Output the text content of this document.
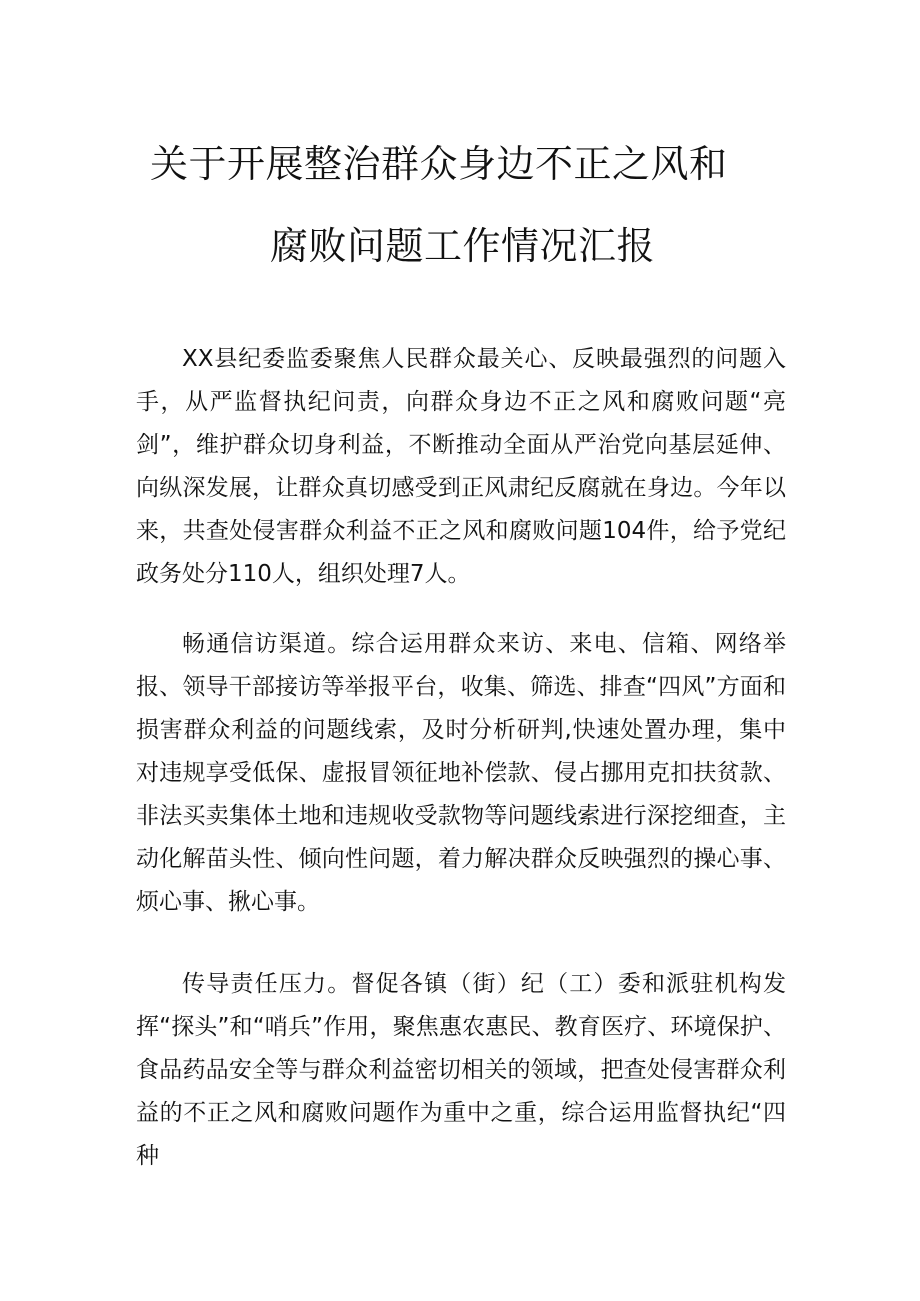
关于开展整治群众身边不正之风和
腐败问题工作情况汇报

XX县纪委监委聚焦人民群众最关心、反映最强烈的问题入手，从严监督执纪问责，向群众身边不正之风和腐败问题“亮剑”，维护群众切身利益，不断推动全面从严治党向基层延伸、向纵深发展，让群众真切感受到正风肃纪反腐就在身边。今年以来，共查处侵害群众利益不正之风和腐败问题104件，给予党纪政务处分110人，组织处理7人。

畅通信访渠道。综合运用群众来访、来电、信箱、网络举报、领导干部接访等举报平台，收集、筛选、排查“四风”方面和损害群众利益的问题线索，及时分析研判,快速处置办理，集中对违规享受低保、虚报冒领征地补偿款、侵占挪用克扣扶贫款、非法买卖集体土地和违规收受款物等问题线索进行深挖细查，主动化解苗头性、倾向性问题，着力解决群众反映强烈的操心事、烦心事、揪心事。

传导责任压力。督促各镇（街）纪（工）委和派驻机构发挥“探头”和“哨兵”作用，聚焦惠农惠民、教育医疗、环境保护、食品药品安全等与群众利益密切相关的领域，把查处侵害群众利益的不正之风和腐败问题作为重中之重，综合运用监督执纪“四种
